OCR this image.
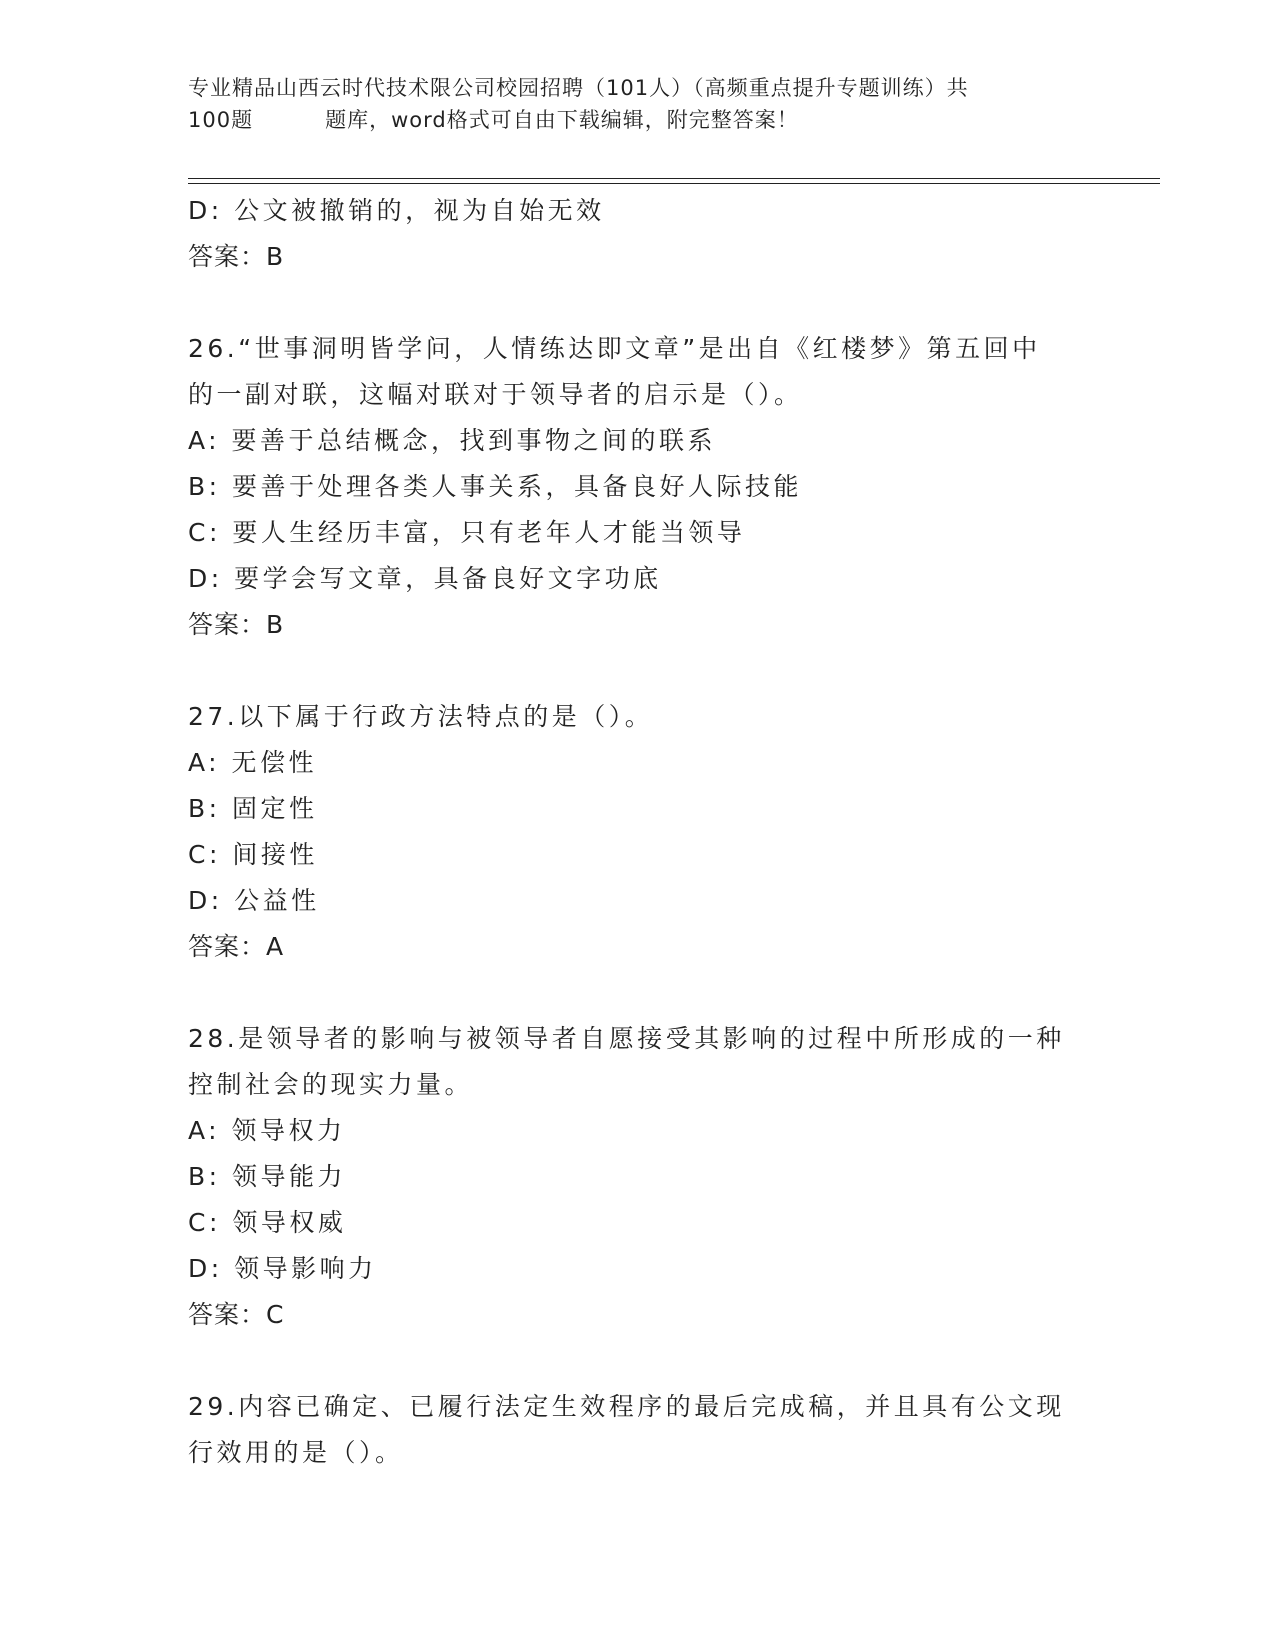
专业精品山西云时代技术限公司校园招聘（101人）（高频重点提升专题训练）共
100题	题库，word格式可自由下载编辑，附完整答案！
D: 公文被撤销的，视为自始无效
答案：B
26.“世事洞明皆学问，人情练达即文章”是出自《红楼梦》第五回中
的一副对联，这幅对联对于领导者的启示是（）。
A: 要善于总结概念，找到事物之间的联系
B: 要善于处理各类人事关系，具备良好人际技能
C: 要人生经历丰富，只有老年人才能当领导
D: 要学会写文章，具备良好文字功底
答案：B
27.以下属于行政方法特点的是（）。
A: 无偿性
B: 固定性
C: 间接性
D: 公益性
答案：A
28.是领导者的影响与被领导者自愿接受其影响的过程中所形成的一种
控制社会的现实力量。
A: 领导权力
B: 领导能力
C: 领导权威
D: 领导影响力
答案：C
29.内容已确定、已履行法定生效程序的最后完成稿，并且具有公文现
行效用的是（）。
